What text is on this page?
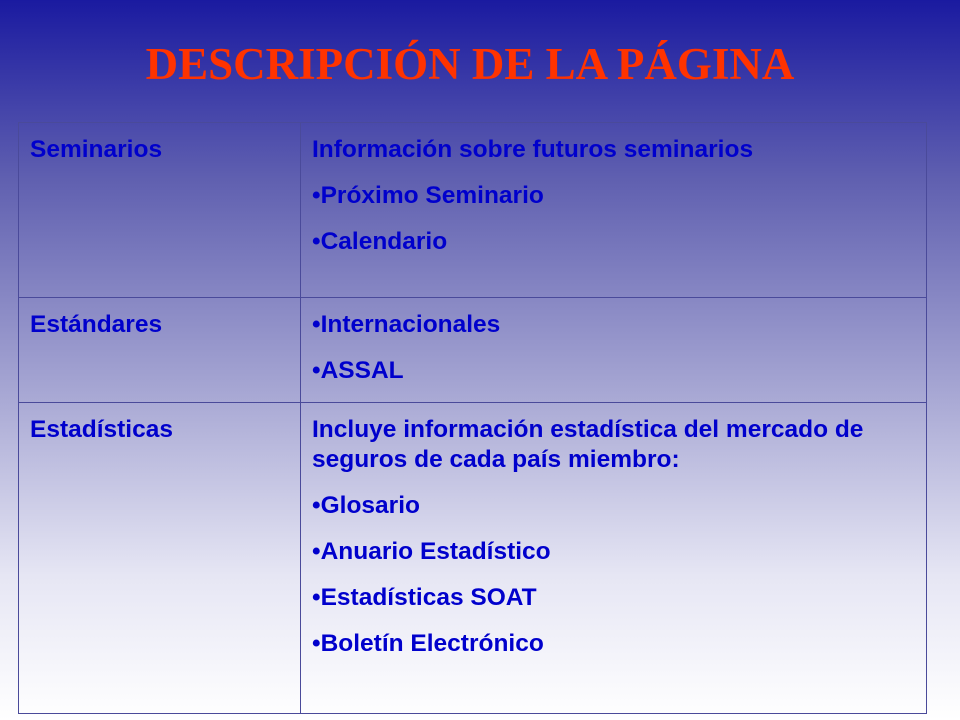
DESCRIPCIÓN DE LA PÁGINA
Seminarios	Información sobre futuros seminarios
•Próximo Seminario
•Calendario

Estándares	•Internacionales
•ASSAL

Estadísticas	Incluye información estadística del mercado de seguros de cada país miembro:
•Glosario
•Anuario Estadístico
•Estadísticas SOAT
•Boletín Electrónico
